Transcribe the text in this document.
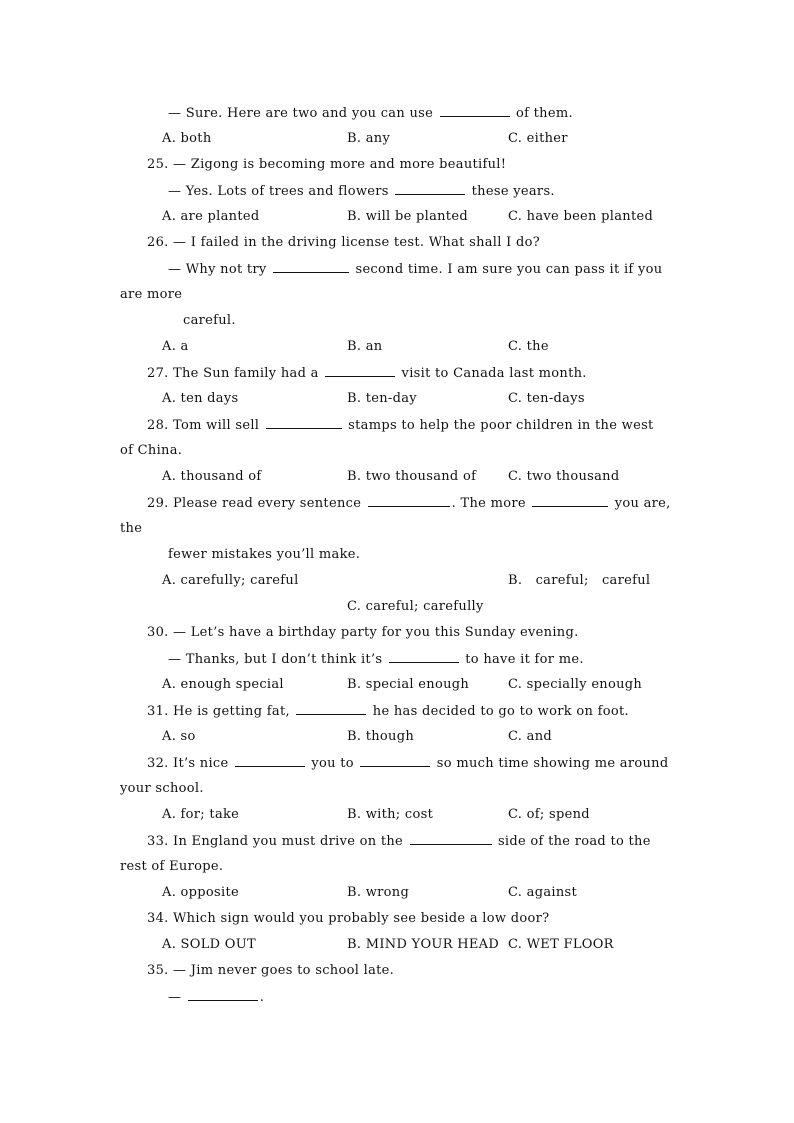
— Sure. Here are two and you can use	of them.
A. both	B. any	C. either
25. — Zigong is becoming more and more beautiful!
— Yes. Lots of trees and flowers	these years.
A. are planted	B. will be planted	C. have been planted
26. — I failed in the driving license test. What shall I do?
— Why not try	second time. I am sure you can pass it if you
are more
careful.
A. a	B. an	C. the
27. The Sun family had a	visit to Canada last month.
A. ten days	B. ten-day	C. ten-days
28. Tom will sell	stamps to help the poor children in the west
of China.
A. thousand of	B. two thousand of C. two thousand
29. Please read every sentence	. The more	you are,
the
fewer mistakes you’ll make.
A. carefully; careful	B.   careful;   careful
C. careful; carefully
30. — Let’s have a birthday party for you this Sunday evening.
— Thanks, but I don’t think it’s	to have it for me.
A. enough special	B. special enough	C. specially enough
31. He is getting fat,	he has decided to go to work on foot.
A. so	B. though	C. and
32. It’s nice	you to	so much time showing me around
your school.
A. for; take	B. with; cost	C. of; spend
33. In England you must drive on the	side of the road to the
rest of Europe.
A. opposite	B. wrong	C. against
34. Which sign would you probably see beside a low door?
A. SOLD OUT	B. MIND YOUR HEAD C. WET FLOOR
35. — Jim never goes to school late.
—	.
